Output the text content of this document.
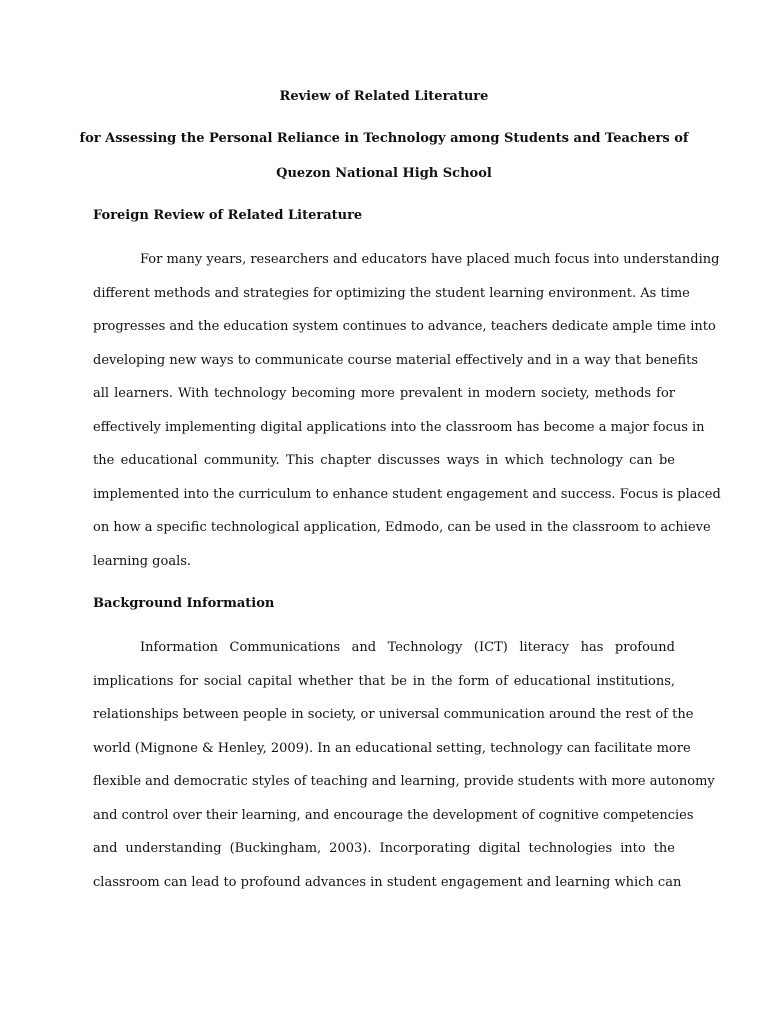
Review of Related Literature
for Assessing the Personal Reliance in Technology among Students and Teachers of
Quezon National High School
Foreign Review of Related Literature

For many years, researchers and educators have placed much focus into understanding
different methods and strategies for optimizing the student learning environment. As time
progresses and the education system continues to advance, teachers dedicate ample time into
developing new ways to communicate course material effectively and in a way that benefits
all learners. With technology becoming more prevalent in modern society, methods for
effectively implementing digital applications into the classroom has become a major focus in
the educational community. This chapter discusses ways in which technology can be
implemented into the curriculum to enhance student engagement and success. Focus is placed
on how a specific technological application, Edmodo, can be used in the classroom to achieve
learning goals.

Background Information

Information Communications and Technology (ICT) literacy has profound
implications for social capital whether that be in the form of educational institutions,
relationships between people in society, or universal communication around the rest of the
world (Mignone & Henley, 2009). In an educational setting, technology can facilitate more
flexible and democratic styles of teaching and learning, provide students with more autonomy
and control over their learning, and encourage the development of cognitive competencies
and understanding (Buckingham, 2003). Incorporating digital technologies into the
classroom can lead to profound advances in student engagement and learning which can
